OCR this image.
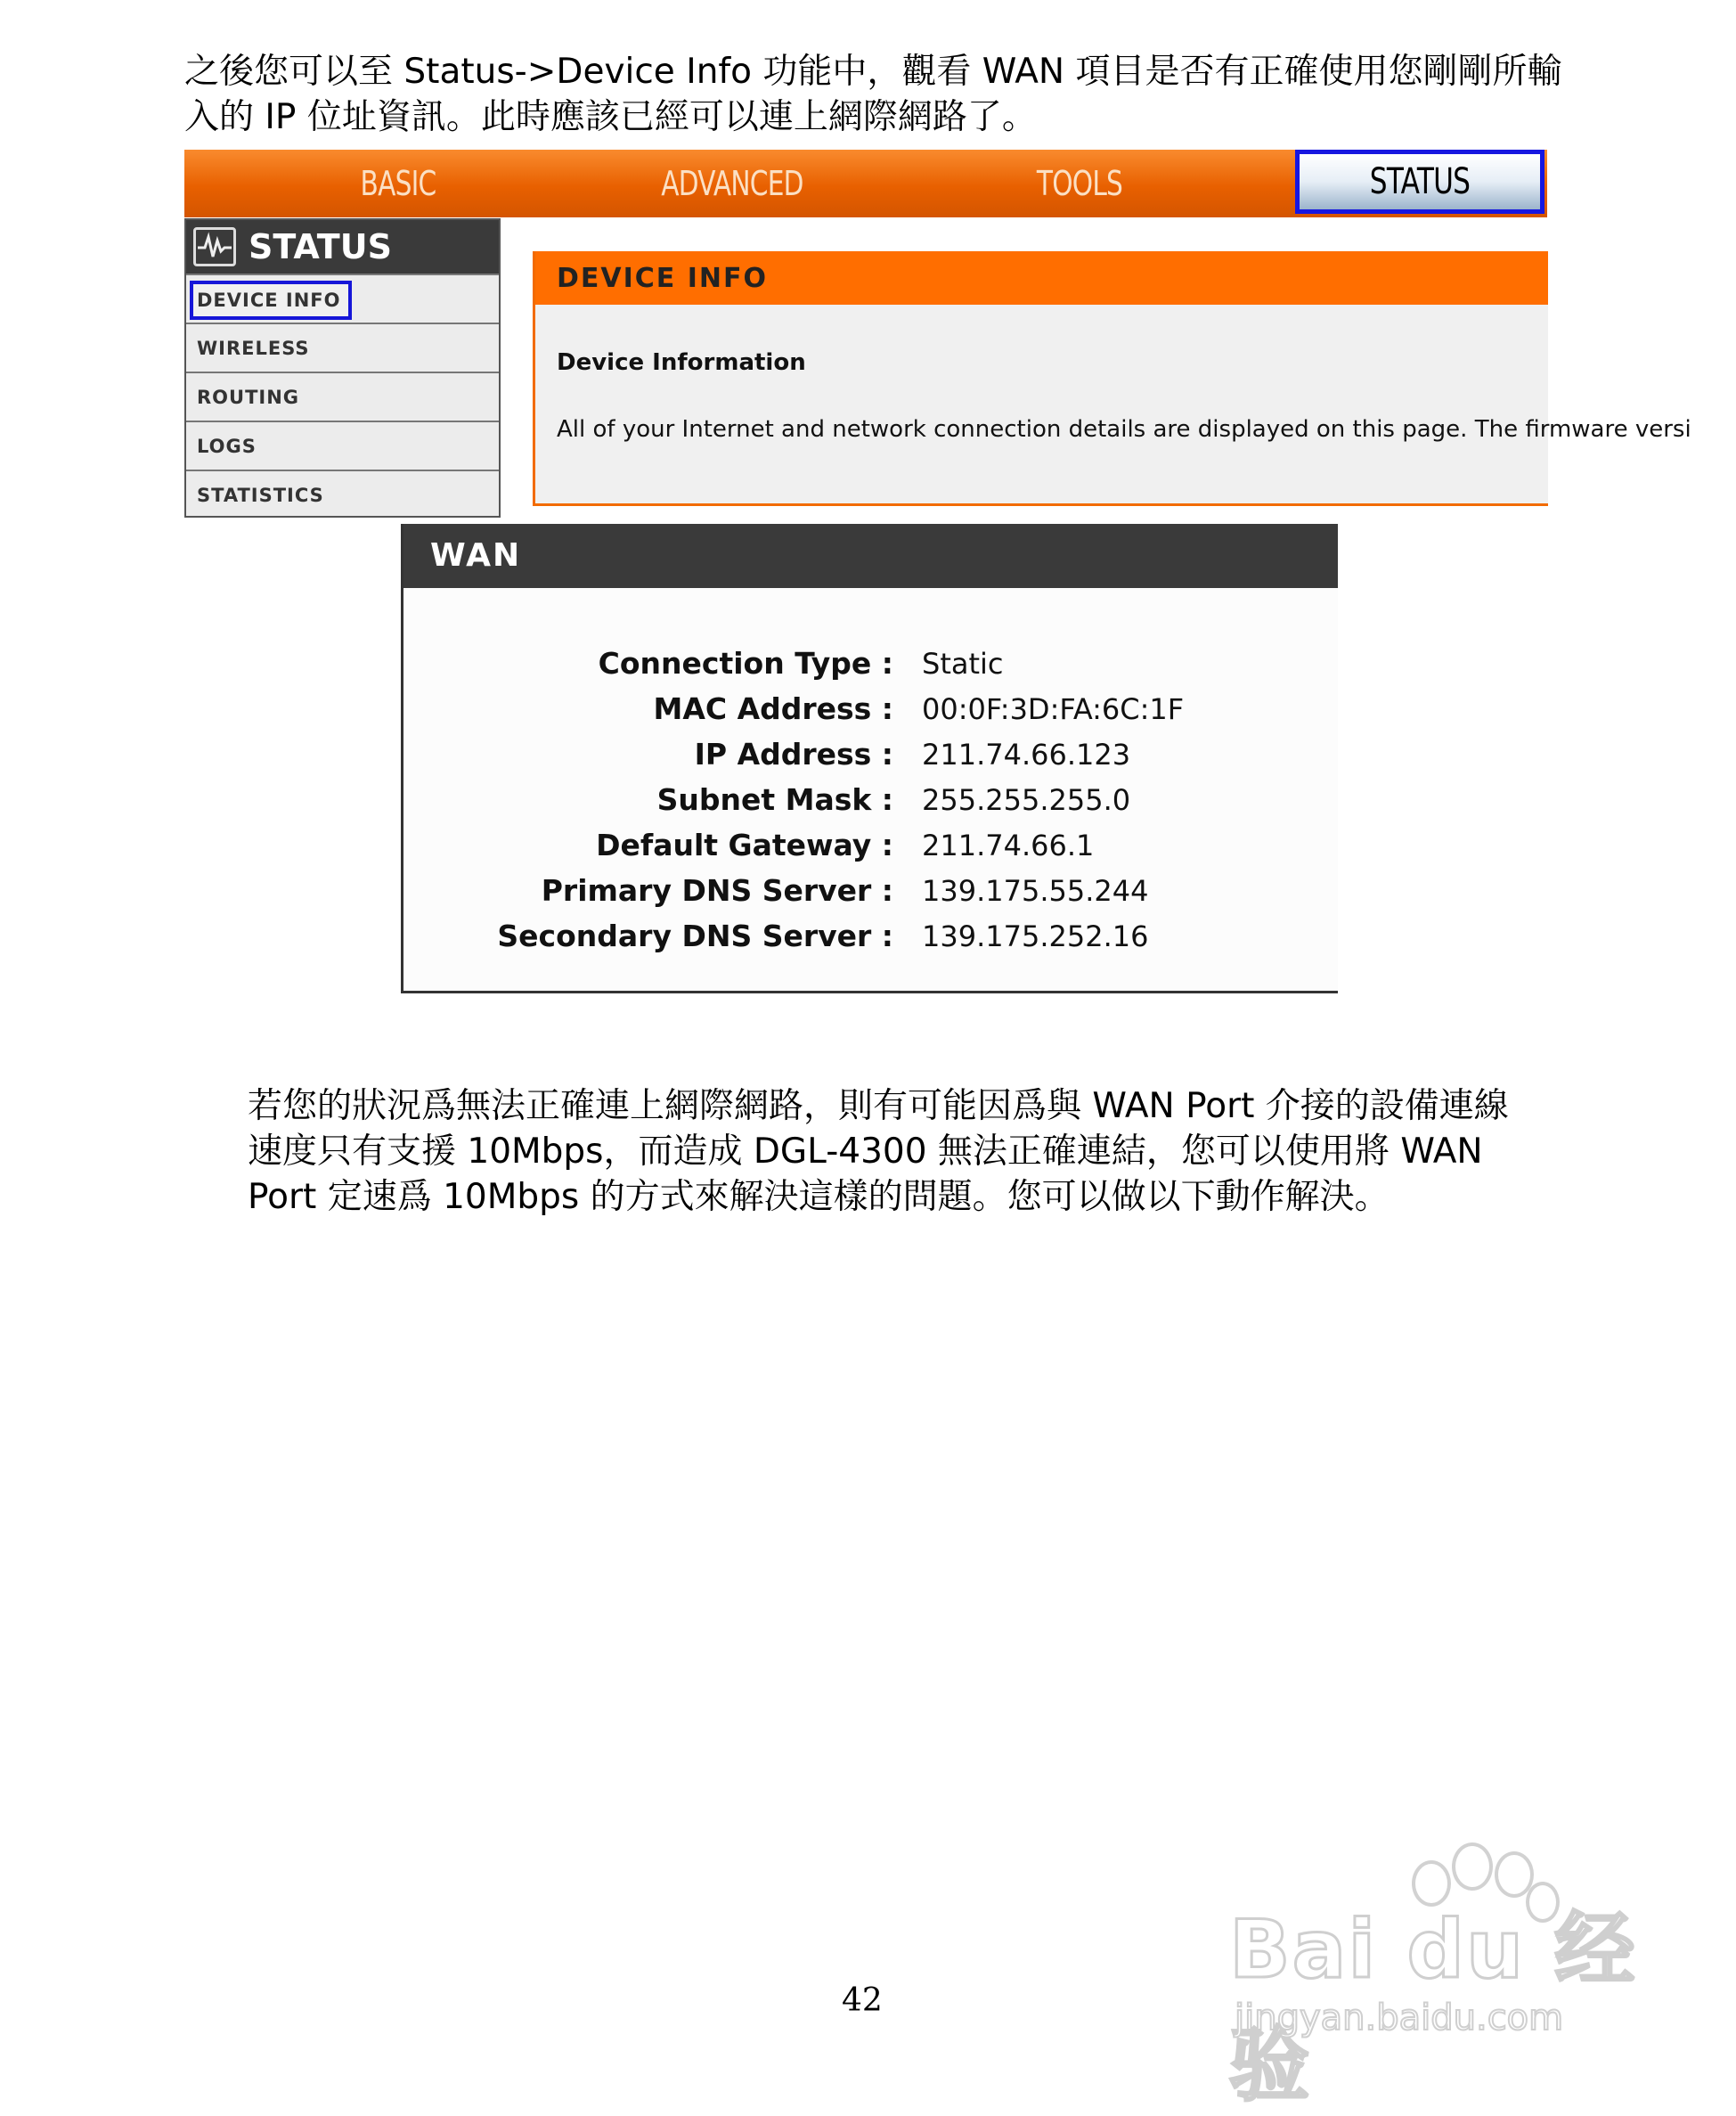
之後您可以至 Status->Device Info 功能中，觀看 WAN 項目是否有正確使用您剛剛所輸
入的 IP 位址資訊。此時應該已經可以連上網際網路了。
BASIC	ADVANCED	TOOLS	STATUS
STATUS
DEVICE INFO
WIRELESS
ROUTING
LOGS
STATISTICS
DEVICE INFO
Device Information
All of your Internet and network connection details are displayed on this page. The firmware versi
WAN
Connection Type : Static
MAC Address : 00:0F:3D:FA:6C:1F
IP Address : 211.74.66.123
Subnet Mask : 255.255.255.0
Default Gateway : 211.74.66.1
Primary DNS Server : 139.175.55.244
Secondary DNS Server : 139.175.252.16
若您的狀況爲無法正確連上網際網路，則有可能因爲與 WAN Port 介接的設備連線
速度只有支援 10Mbps，而造成 DGL-4300 無法正確連結，您可以使用將 WAN
Port 定速爲 10Mbps 的方式來解決這樣的問題。您可以做以下動作解決。
42
Bai du 经验
jingyan.baidu.com
